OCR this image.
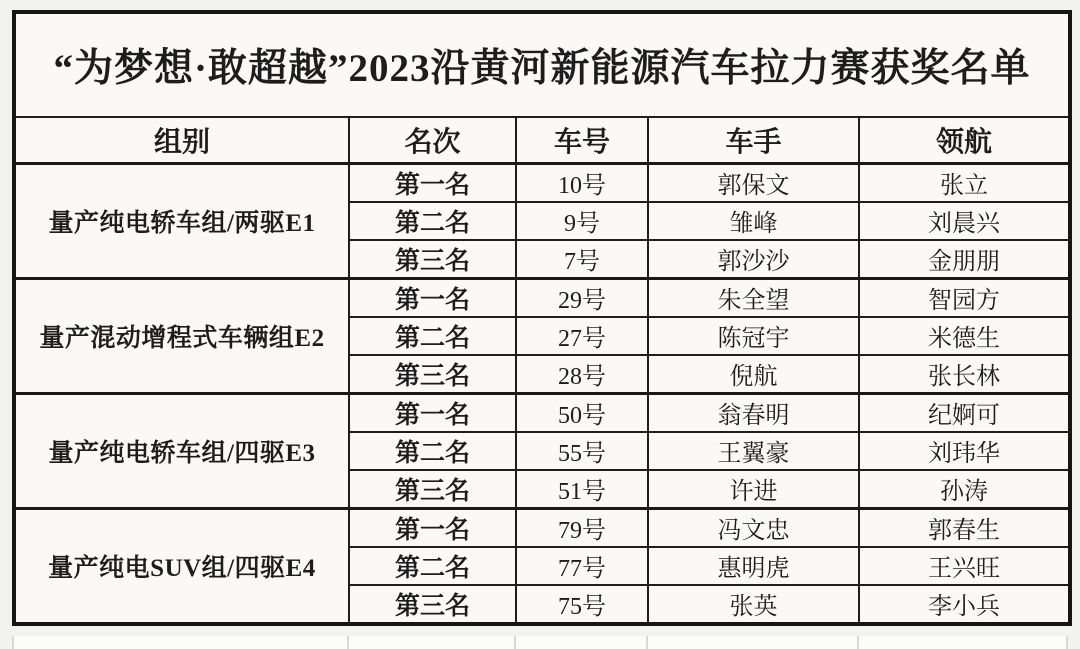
“为梦想·敢超越”2023沿黄河新能源汽车拉力赛获奖名单				
组别	名次	车号	车手	领航
量产纯电轿车组/两驱E1	第一名	10号	郭保文	张立
	第二名	9号	雏峰	刘晨兴
	第三名	7号	郭沙沙	金朋朋
量产混动增程式车辆组E2	第一名	29号	朱全望	智园方
	第二名	27号	陈冠宇	米德生
	第三名	28号	倪航	张长林
量产纯电轿车组/四驱E3	第一名	50号	翁春明	纪婀可
	第二名	55号	王翼豪	刘玮华
	第三名	51号	许进	孙涛
量产纯电SUV组/四驱E4	第一名	79号	冯文忠	郭春生
	第二名	77号	惠明虎	王兴旺
	第三名	75号	张英	李小兵
